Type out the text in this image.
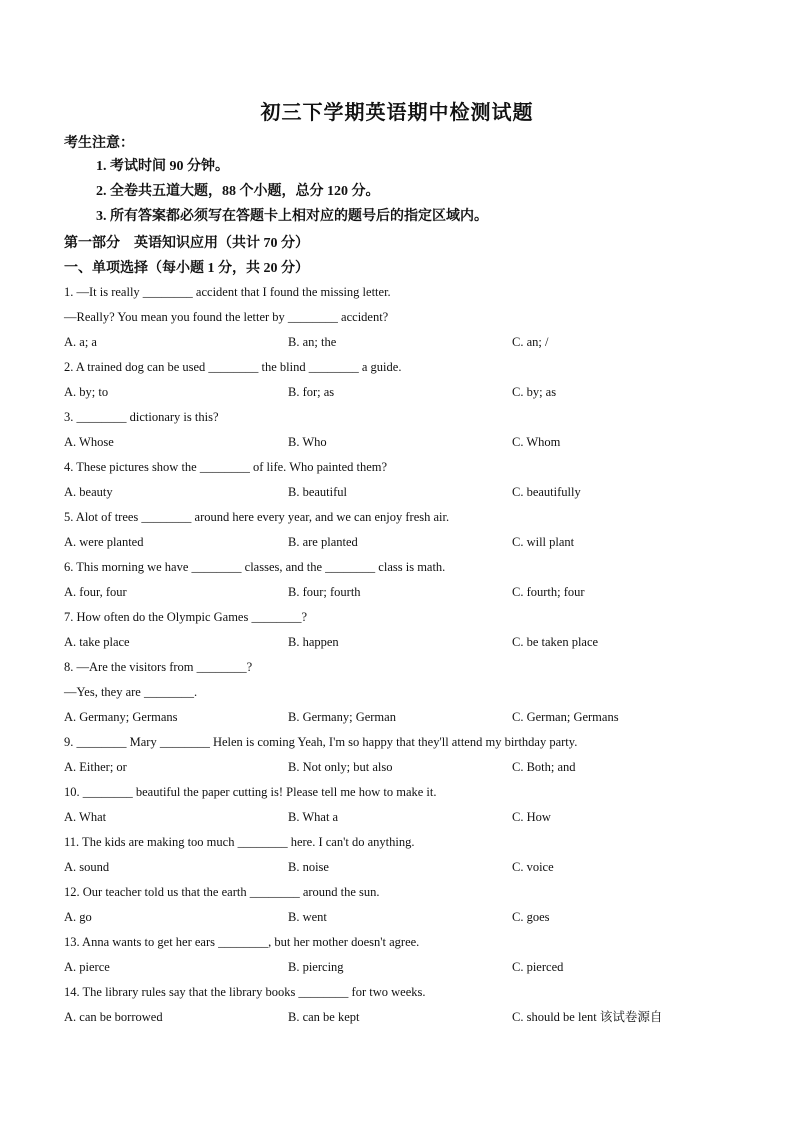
初三下学期英语期中检测试题
考生注意：
1. 考试时间 90 分钟。
2. 全卷共五道大题，88 个小题，总分 120 分。
3. 所有答案都必须写在答题卡上相对应的题号后的指定区域内。
第一部分 英语知识应用（共计 70 分）
一、单项选择（每小题 1 分，共 20 分）
1. —It is really ________ accident that I found the missing letter.
—Really? You mean you found the letter by ________ accident?
A. a; a	B. an; the	C. an; /
2. A trained dog can be used ________ the blind ________ a guide.
A. by; to	B. for; as	C. by; as
3. ________ dictionary is this?
A. Whose	B. Who	C. Whom
4. These pictures show the ________ of life. Who painted them?
A. beauty	B. beautiful	C. beautifully
5. Alot of trees ________ around here every year, and we can enjoy fresh air.
A. were planted	B. are planted	C. will plant
6. This morning we have ________ classes, and the ________ class is math.
A. four, four	B. four; fourth	C. fourth; four
7. How often do the Olympic Games ________?
A. take place	B. happen	C. be taken place
8. —Are the visitors from ________?
—Yes, they are ________.
A. Germany; Germans	B. Germany; German	C. German; Germans
9. ________ Mary ________ Helen is coming Yeah, I'm so happy that they'll attend my birthday party.
A. Either; or	B. Not only; but also	C. Both; and
10. ________ beautiful the paper cutting is! Please tell me how to make it.
A. What	B. What a	C. How
11. The kids are making too much ________ here. I can't do anything.
A. sound	B. noise	C. voice
12. Our teacher told us that the earth ________ around the sun.
A. go	B. went	C. goes
13. Anna wants to get her ears ________, but her mother doesn't agree.
A. pierce	B. piercing	C. pierced
14. The library rules say that the library books ________ for two weeks.
A. can be borrowed	B. can be kept	C. should be lent 该试卷源自
